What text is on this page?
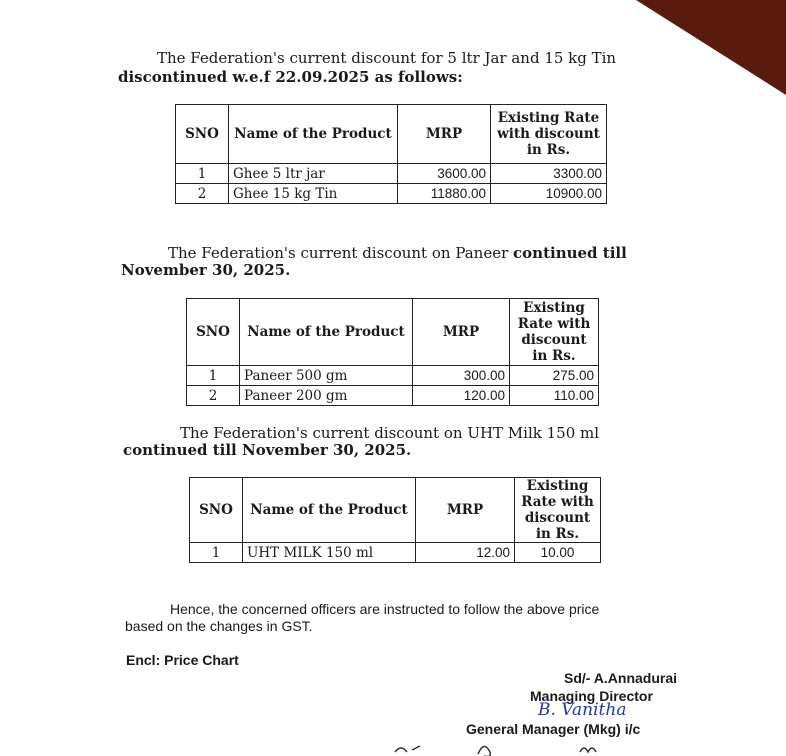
The Federation's current discount for 5 ltr Jar and 15 kg Tin
discontinued w.e.f 22.09.2025 as follows:
SNO	Name of the Product	MRP	Existing Rate with discount in Rs.
1	Ghee 5 ltr jar	3600.00	3300.00
2	Ghee 15 kg Tin	11880.00	10900.00
The Federation's current discount on Paneer continued till
November 30, 2025.
SNO	Name of the Product	MRP	Existing Rate with discount in Rs.
1	Paneer 500 gm	300.00	275.00
2	Paneer 200 gm	120.00	110.00
The Federation's current discount on UHT Milk 150 ml
continued till November 30, 2025.
SNO	Name of the Product	MRP	Existing Rate with discount in Rs.
1	UHT MILK 150 ml	12.00	10.00
Hence, the concerned officers are instructed to follow the above price
based on the changes in GST.
Encl: Price Chart
Sd/- A.Annadurai
Managing Director
B. Vanitha
General Manager (Mkg) i/c
